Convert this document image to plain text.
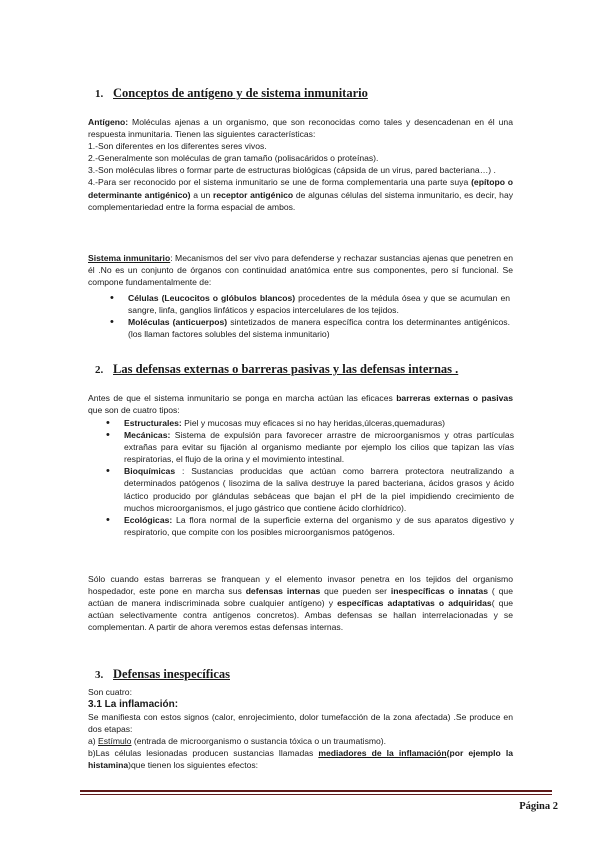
1. Conceptos de antígeno y de sistema inmunitario
Antígeno: Moléculas ajenas a un organismo, que son reconocidas como tales y desencadenan en él una respuesta inmunitaria. Tienen las siguientes características:
1.-Son diferentes en los diferentes seres vivos.
2.-Generalmente son moléculas de gran tamaño (polisacáridos o proteínas).
3.-Son moléculas libres o formar parte de estructuras biológicas (cápsida de un virus, pared bacteriana…) .
4.-Para ser reconocido por el sistema inmunitario se une de forma complementaria una parte suya (epítopo o determinante antigénico) a un receptor antigénico de algunas células del sistema inmunitario, es decir, hay complementariedad entre la forma espacial de ambos.
Sistema inmunitario: Mecanismos del ser vivo para defenderse y rechazar sustancias ajenas que penetren en él .No es un conjunto de órganos con continuidad anatómica entre sus componentes, pero sí funcional. Se compone fundamentalmente de:
• Células (Leucocitos o glóbulos blancos) procedentes de la médula ósea y que se acumulan en sangre, linfa, ganglios linfáticos y espacios intercelulares de los tejidos.
• Moléculas (anticuerpos) sintetizados de manera específica contra los determinantes antigénicos.(los llaman factores solubles del sistema inmunitario)
2. Las defensas externas o barreras pasivas y las defensas internas .
Antes de que el sistema inmunitario se ponga en marcha actúan las eficaces barreras externas o pasivas que son de cuatro tipos:
• Estructurales: Piel y mucosas muy eficaces si no hay heridas,úlceras,quemaduras)
• Mecánicas: Sistema de expulsión para favorecer arrastre de microorganismos y otras partículas extrañas para evitar su fijación al organismo mediante por ejemplo los cilios que tapizan las vías respiratorias, el flujo de la orina y el movimiento intestinal.
• Bioquímicas : Sustancias producidas que actúan como barrera protectora neutralizando a determinados patógenos ( lisozima de la saliva destruye la pared bacteriana, ácidos grasos y ácido láctico producido por glándulas sebáceas que bajan el pH de la piel impidiendo crecimiento de muchos microorganismos, el jugo gástrico que contiene ácido clorhídrico).
• Ecológicas: La flora normal de la superficie externa del organismo y de sus aparatos digestivo y respiratorio, que compite con los posibles microorganismos patógenos.
Sólo cuando estas barreras se franquean y el elemento invasor penetra en los tejidos del organismo hospedador, este pone en marcha sus defensas internas que pueden ser inespecíficas o innatas ( que actúan de manera indiscriminada sobre cualquier antígeno) y específicas adaptativas o adquiridas( que actúan selectivamente contra antígenos concretos). Ambas defensas se hallan interrelacionadas y se complementan. A partir de ahora veremos estas defensas internas.
3. Defensas inespecíficas
Son cuatro:
3.1 La inflamación:
Se manifiesta con estos signos (calor, enrojecimiento, dolor tumefacción de la zona afectada) .Se produce en dos etapas:
a) Estímulo (entrada de microorganismo o sustancia tóxica o un traumatismo).
b)Las células lesionadas producen sustancias llamadas mediadores de la inflamación(por ejemplo la histamina)que tienen los siguientes efectos:
Página 2
